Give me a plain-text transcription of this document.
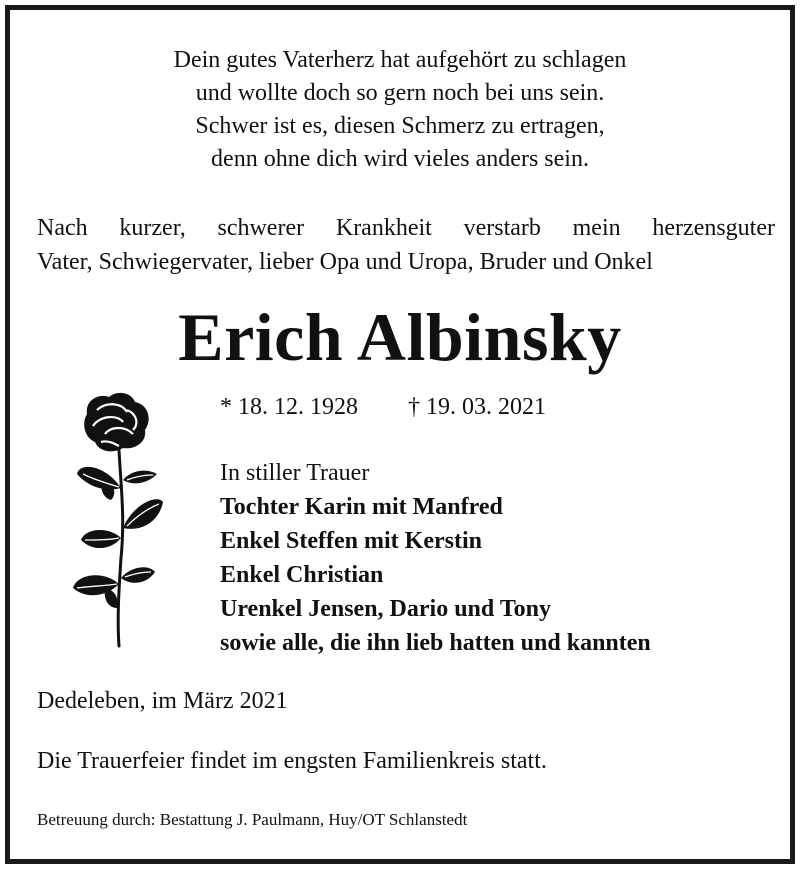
Dein gutes Vaterherz hat aufgehört zu schlagen
und wollte doch so gern noch bei uns sein.
Schwer ist es, diesen Schmerz zu ertragen,
denn ohne dich wird vieles anders sein.
Nach kurzer, schwerer Krankheit verstarb mein herzensguter
Vater, Schwiegervater, lieber Opa und Uropa, Bruder und Onkel
Erich Albinsky
* 18. 12. 1928 † 19. 03. 2021
In stiller Trauer
Tochter Karin mit Manfred
Enkel Steffen mit Kerstin
Enkel Christian
Urenkel Jensen, Dario und Tony
sowie alle, die ihn lieb hatten und kannten
Dedeleben, im März 2021
Die Trauerfeier findet im engsten Familienkreis statt.
Betreuung durch: Bestattung J. Paulmann, Huy/OT Schlanstedt
